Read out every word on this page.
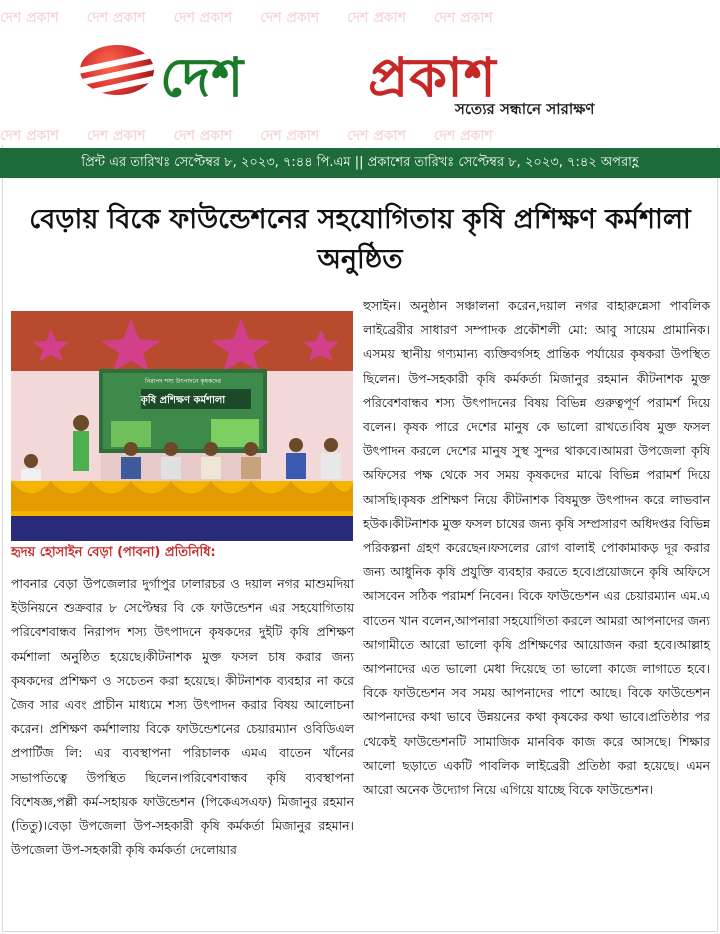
দেশ প্রকাশ দেশ প্রকাশ দেশ প্রকাশ দেশ প্রকাশ দেশ প্রকাশ দেশ প্রকাশ
দেশ প্রকাশ দেশ প্রকাশ দেশ প্রকাশ দেশ প্রকাশ দেশ প্রকাশ দেশ প্রকাশ
দেশ প্রকাশ
সত্যের সন্ধানে সারাক্ষণ
প্রিন্ট এর তারিখঃ সেপ্টেম্বর ৮, ২০২৩, ৭:৪৪ পি.এম || প্রকাশের তারিখঃ সেপ্টেম্বর ৮, ২০২৩, ৭:৪২ অপরাহ্ণ
বেড়ায় বিকে ফাউন্ডেশনের সহযোগিতায় কৃষি প্রশিক্ষণ কর্মশালা অনুষ্ঠিত
কৃষি প্রশিক্ষণ কর্মশালা
নিরাপদ শস্য উৎপাদনে কৃষকদের
হৃদয় হোসাইন বেড়া (পাবনা) প্রতিনিধি:
পাবনার বেড়া উপজেলার দুর্গাপুর ঢালারচর ও দয়াল নগর মাশুমদিয়া ইউনিয়নে শুক্রবার ৮ সেপ্টেম্বর বি কে ফাউন্ডেশন এর সহযোগিতায় পরিবেশবান্ধব নিরাপদ শস্য উৎপাদনে কৃষকদের দুইটি কৃষি প্রশিক্ষণ কর্মশালা অনুষ্ঠিত হয়েছে।কীটনাশক মুক্ত ফসল চাষ করার জন্য কৃষকদের প্রশিক্ষণ ও সচেতন করা হয়েছে। কীটনাশক ব্যবহার না করে জৈব সার এবং প্রাচীন মাধ্যমে শস্য উৎপাদন করার বিষয় আলোচনা করেন। প্রশিক্ষণ কর্মশালায় বিকে ফাউন্ডেশনের চেয়ারম্যান ওবিডিএল প্রপার্টিজ লি: এর ব্যবস্থাপনা পরিচালক এমএ বাতেন খাঁনের সভাপতিত্বে উপস্থিত ছিলেন।পরিবেশবান্ধব কৃষি ব্যবস্থাপনা বিশেষজ্ঞ,পল্লী কর্ম-সহায়ক ফাউন্ডেশন (পিকেএসএফ) মিজানুর রহমান (তিতু)।বেড়া উপজেলা উপ-সহকারী কৃষি কর্মকর্তা মিজানুর রহমান।উপজেলা উপ-সহকারী কৃষি কর্মকর্তা দেলোয়ার
হুসাইন। অনুষ্ঠান সঞ্চালনা করেন,দয়াল নগর বাহারুন্নেসা পাবলিক লাইব্রেরীর সাধারণ সম্পাদক প্রকৌশলী মো: আবু সায়েম প্রামানিক।এসময় স্থানীয় গণ্যমান্য ব্যক্তিবর্গসহ প্রান্তিক পর্যায়ের কৃষকরা উপস্থিত ছিলেন। উপ-সহকারী কৃষি কর্মকর্তা মিজানুর রহমান কীটনাশক মুক্ত পরিবেশবান্ধব শস্য উৎপাদনের বিষয় বিভিন্ন গুরুত্বপূর্ণ পরামর্শ দিয়ে বলেন। কৃষক পারে দেশের মানুষ কে ভালো রাখতে।বিষ মুক্ত ফসল উৎপাদন করলে দেশের মানুষ সুস্থ সুন্দর থাকবে।আমরা উপজেলা কৃষি অফিসের পক্ষ থেকে সব সময় কৃষকদের মাঝে বিভিন্ন পরামর্শ দিয়ে আসছি।কৃষক প্রশিক্ষণ নিয়ে কীটনাশক বিষমুক্ত উৎপাদন করে লাভবান হউক।কীটনাশক মুক্ত ফসল চাষের জন্য কৃষি সম্প্রসারণ অধিদপ্তর বিভিন্ন পরিকল্পনা গ্রহণ করেছেন।ফসলের রোগ বালাই পোকামাকড় দূর করার জন্য আধুনিক কৃষি প্রযুক্তি ব্যবহার করতে হবে।প্রয়োজনে কৃষি অফিসে আসবেন সঠিক পরামর্শ নিবেন। বিকে ফাউন্ডেশন এর চেয়ারম্যান এম.এ বাতেন খান বলেন,আপনারা সহযোগিতা করলে আমরা আপনাদের জন্য আগামীতে আরো ভালো কৃষি প্রশিক্ষণের আয়োজন করা হবে।আল্লাহ আপনাদের এত ভালো মেধা দিয়েছে তা ভালো কাজে লাগাতে হবে।বিকে ফাউন্ডেশন সব সময় আপনাদের পাশে আছে। বিকে ফাউন্ডেশন আপনাদের কথা ভাবে উন্নয়নের কথা কৃষকের কথা ভাবে।প্রতিষ্ঠার পর থেকেই ফাউন্ডেশনটি সামাজিক মানবিক কাজ করে আসছে। শিক্ষার আলো ছড়াতে একটি পাবলিক লাইব্রেরী প্রতিষ্ঠা করা হয়েছে। এমন আরো অনেক উদ্যোগ নিয়ে এগিয়ে যাচ্ছে বিকে ফাউন্ডেশন।
